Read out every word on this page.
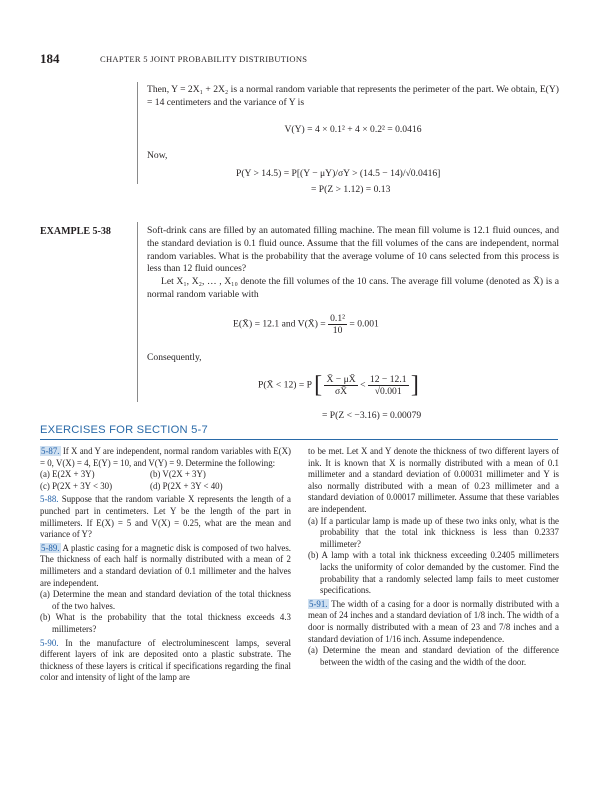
184	CHAPTER 5 JOINT PROBABILITY DISTRIBUTIONS

Then, Y = 2X₁ + 2X₂ is a normal random variable that represents the perimeter of the part. We obtain, E(Y) = 14 centimeters and the variance of Y is

V(Y) = 4 × 0.1² + 4 × 0.2² = 0.0416
Now,
P(Y > 14.5) = P[(Y − μY)/σY > (14.5 − 14)/√0.0416]
= P(Z > 1.12) = 0.13
EXAMPLE 5-38	Soft-drink cans are filled by an automated filling machine. The mean fill volume is 12.1 fluid ounces, and the standard deviation is 0.1 fluid ounce. Assume that the fill volumes of the cans are independent, normal random variables. What is the probability that the average volume of 10 cans selected from this process is less than 12 fluid ounces?

Let X₁, X₂, … , X₁₀ denote the fill volumes of the 10 cans. The average fill volume (denoted as X̄) is a normal random variable with

E(X̄) = 12.1 and V(X̄) = $\frac{\text{0.1²}}{10} = 0.001$
Consequently,
P(X̄ < 12) = P [ $\frac{X̄ - \mu X̄}{\sigma X̄} < \frac{12 - 12.1}{√0.001}$ ]
= P(Z < −3.16) = 0.00079
EXERCISES FOR SECTION 5-7

5-87. If X and Y are independent, normal random variables with E(X) = 0, V(X) = 4, E(Y) = 10, and V(Y) = 9. Determine the following:

(a) E(2X + 3Y)	(b) V(2X + 3Y)

(c) P(2X + 3Y < 30)	(d) P(2X + 3Y < 40)

5-88. Suppose that the random variable X represents the length of a punched part in centimeters. Let Y be the length of the part in millimeters. If E(X) = 5 and V(X) = 0.25, what are the mean and variance of Y?

5-89. A plastic casing for a magnetic disk is composed of two halves. The thickness of each half is normally distributed with a mean of 2 millimeters and a standard deviation of 0.1 millimeter and the halves are independent.

(a) Determine the mean and standard deviation of the total thickness of the two halves.

(b) What is the probability that the total thickness exceeds 4.3 millimeters?

5-90. In the manufacture of electroluminescent lamps, several different layers of ink are deposited onto a plastic substrate. The thickness of these layers is critical if specifications regarding the final color and intensity of light of the lamp are

to be met. Let X and Y denote the thickness of two different layers of ink. It is known that X is normally distributed with a mean of 0.1 millimeter and a standard deviation of 0.00031 millimeter and Y is also normally distributed with a mean of 0.23 millimeter and a standard deviation of 0.00017 millimeter. Assume that these variables are independent.

(a) If a particular lamp is made up of these two inks only, what is the probability that the total ink thickness is less than 0.2337 millimeter?

(b) A lamp with a total ink thickness exceeding 0.2405 millimeters lacks the uniformity of color demanded by the customer. Find the probability that a randomly selected lamp fails to meet customer specifications.

5-91. The width of a casing for a door is normally distributed with a mean of 24 inches and a standard deviation of 1/8 inch. The width of a door is normally distributed with a mean of 23 and 7/8 inches and a standard deviation of 1/16 inch. Assume independence.

(a) Determine the mean and standard deviation of the difference between the width of the casing and the width of the door.
